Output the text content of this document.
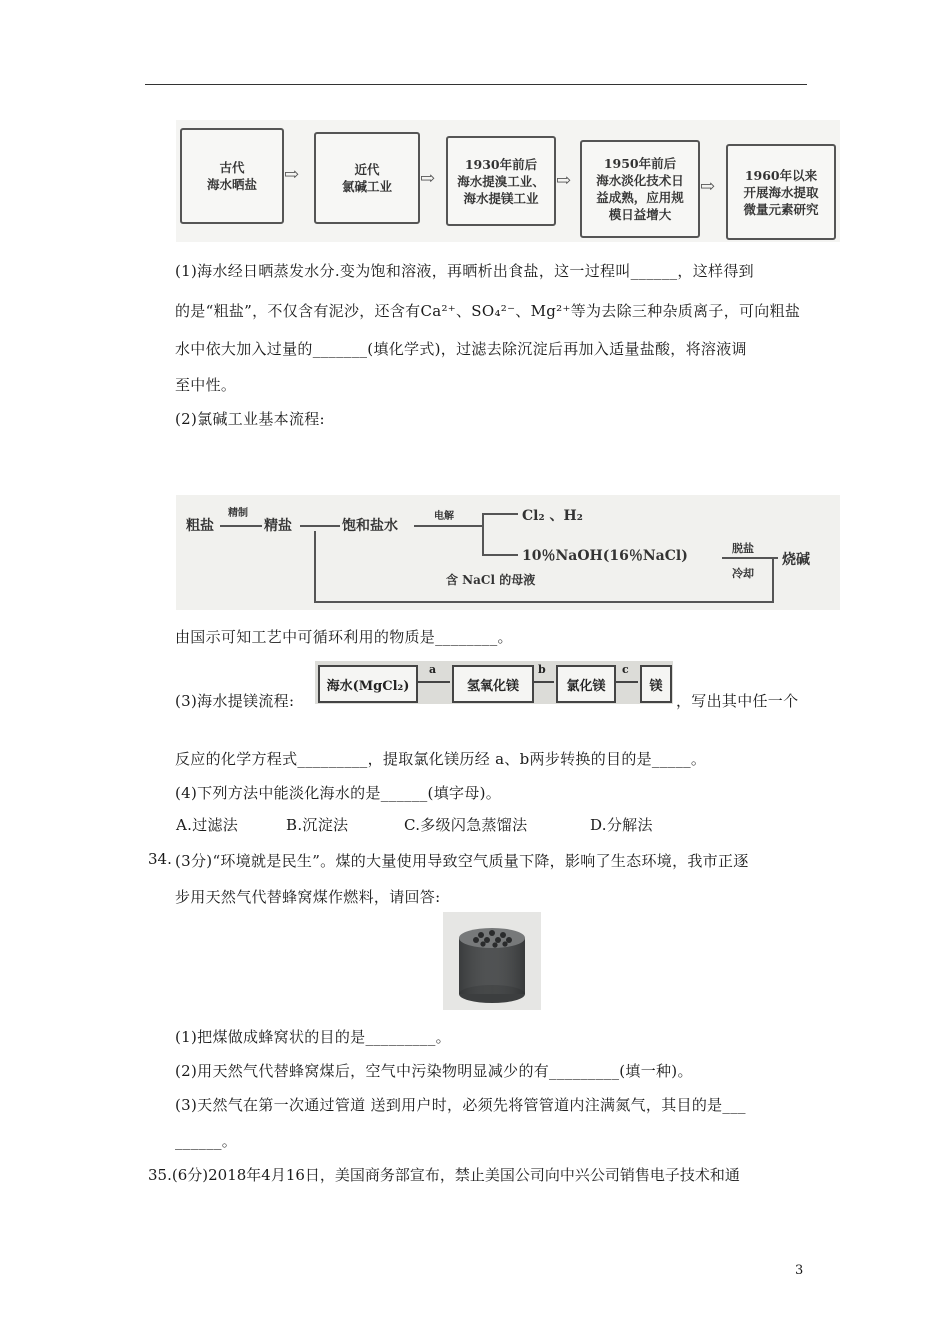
古代
海水晒盐 ⇨	近代
氯碱工业 ⇨
1930年前后
海水提溴工业、
海水提镁工业
⇨
1950年前后
海水淡化技术日
益成熟，应用规
模日益增大
⇨
1960年以来
开展海水提取
微量元素研究
(1)海水经日晒蒸发水分.变为饱和溶液，再晒析出食盐，这一过程叫______，这样得到
的是“粗盐”，不仅含有泥沙，还含有Ca²⁺、SO₄²⁻、Mg²⁺等为去除三种杂质离子，可向粗盐
水中依大加入过量的_______(填化学式)，过滤去除沉淀后再加入适量盐酸，将溶液调
至中性。
(2)氯碱工业基本流程:
粗盐
精制
精盐	饱和盐水
电解	Cl₂ 、H₂
10％NaOH(16％NaCl)	脱盐
冷却
烧碱
含 NaCl 的母液
由国示可知工艺中可循环利用的物质是________。
(3)海水提镁流程:
海水(MgCl₂)
a
氢氧化镁
b
氯化镁
c
镁
，写出其中任一个
反应的化学方程式_________，提取氯化镁历经 a、b两步转换的目的是_____。
(4)下列方法中能淡化海水的是______(填字母)。
A.过滤法	B.沉淀法	C.多级闪急蒸馏法	D.分解法
34. (3分)“环境就是民生”。煤的大量使用导致空气质量下降，影响了生态环境，我市正逐
步用天然气代替蜂窝煤作燃料，请回答:
(1)把煤做成蜂窝状的目的是_________。
(2)用天然气代替蜂窝煤后，空气中污染物明显减少的有_________(填一种)。
(3)天然气在第一次通过管道 送到用户时，必须先将管管道内注满氮气，其目的是___
______。
35.(6分)2018年4月16日，美国商务部宣布，禁止美国公司向中兴公司销售电子技术和通
3
